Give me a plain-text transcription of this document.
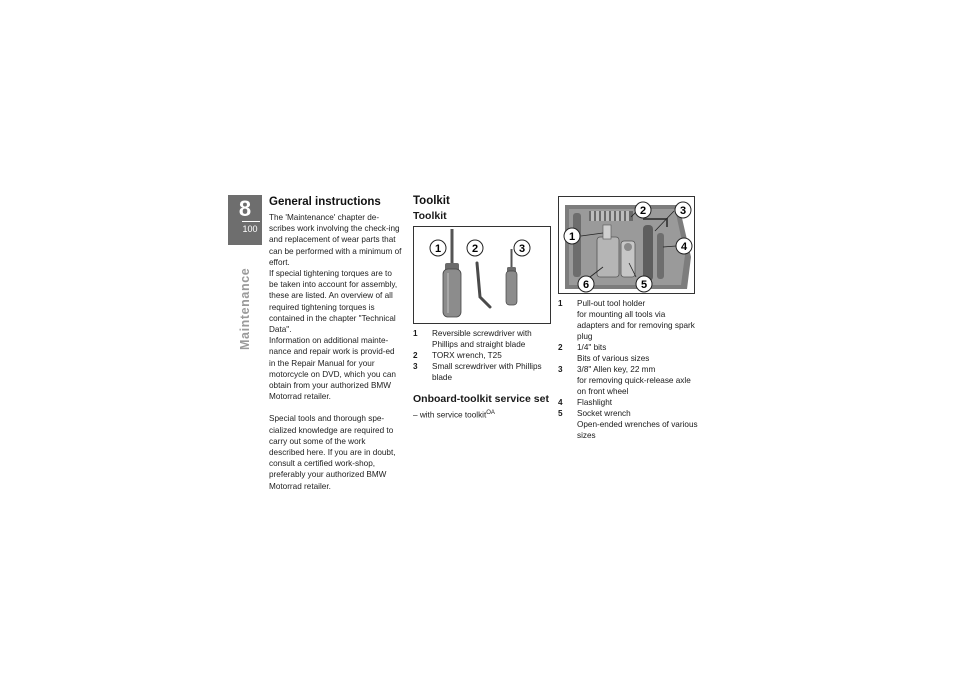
8
100
Maintenance
General instructions

The 'Maintenance' chapter de-scribes work involving the check-ing and replacement of wear parts that can be performed with a minimum of effort.

If special tightening torques are to be taken into account for assembly, these are listed. An overview of all required tightening torques is contained in the chapter "Technical Data".

Information on additional mainte-nance and repair work is provid-ed in the Repair Manual for your motorcycle on DVD, which you can obtain from your authorized BMW Motorrad retailer.

Special tools and thorough spe-cialized knowledge are required to carry out some of the work described here. If you are in doubt, consult a certified work-shop, preferably your authorized BMW Motorrad retailer.

Toolkit

Toolkit

1	2	3
1	Reversible screwdriver with Phillips and straight blade
2	TORX wrench, T25
3	Small screwdriver with Phillips blade

Onboard-toolkit service set

– with service toolkit$^{OA}$

2	3
1
4
6	5
1	Pull-out tool holder
for mounting all tools via adapters and for removing spark plug
2	1/4" bits
Bits of various sizes
3	3/8" Allen key, 22 mm
for removing quick-release axle on front wheel
4	Flashlight
5	Socket wrench
Open-ended wrenches of various sizes
